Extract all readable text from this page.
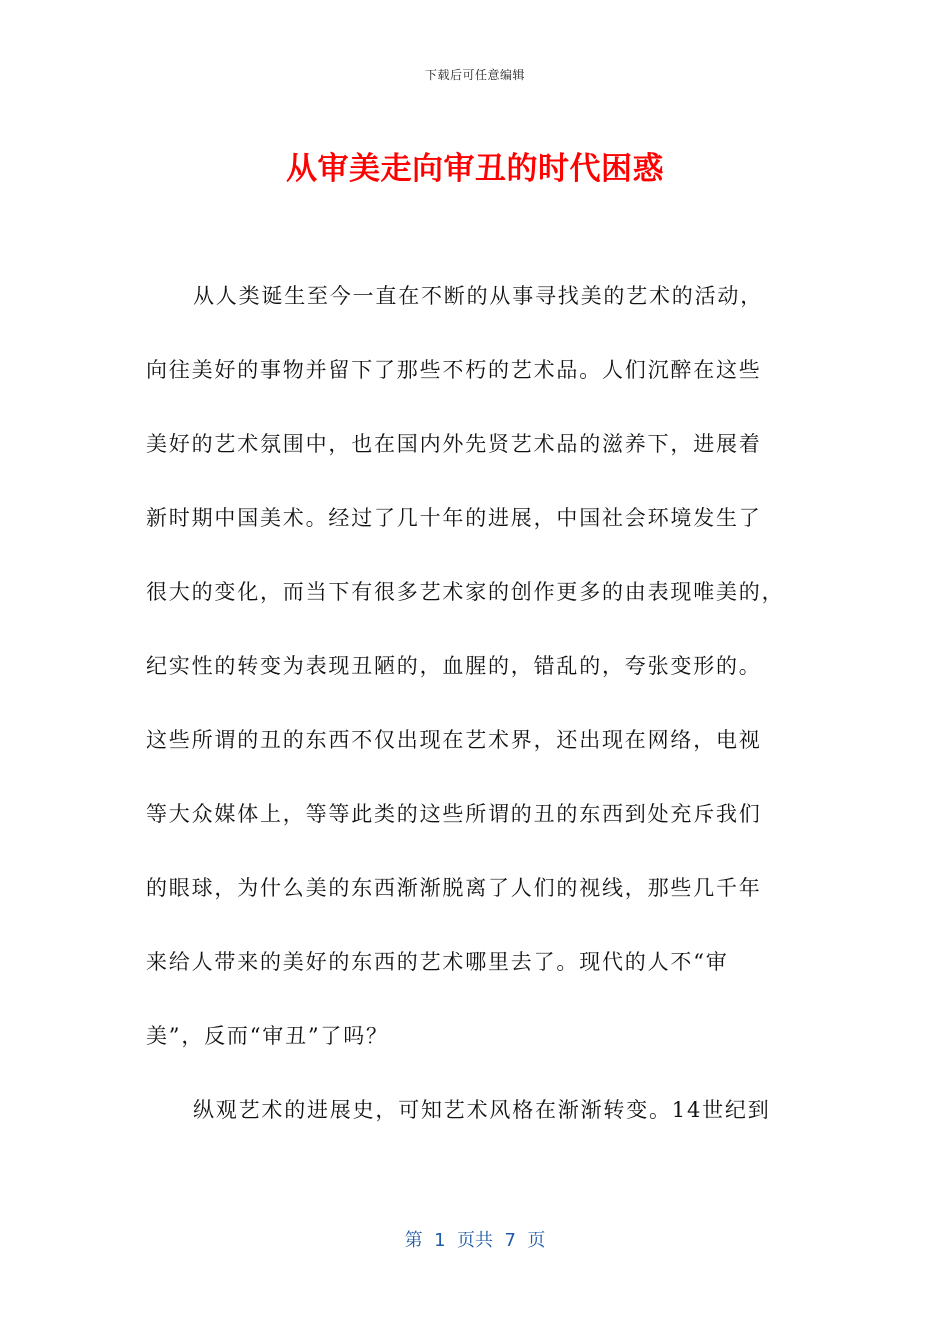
下载后可任意编辑
从审美走向审丑的时代困惑
从人类诞生至今一直在不断的从事寻找美的艺术的活动，
向往美好的事物并留下了那些不朽的艺术品。人们沉醉在这些
美好的艺术氛围中，也在国内外先贤艺术品的滋养下，进展着
新时期中国美术。经过了几十年的进展，中国社会环境发生了
很大的变化，而当下有很多艺术家的创作更多的由表现唯美的，
纪实性的转变为表现丑陋的，血腥的，错乱的，夸张变形的。
这些所谓的丑的东西不仅出现在艺术界，还出现在网络，电视
等大众媒体上，等等此类的这些所谓的丑的东西到处充斥我们
的眼球，为什么美的东西渐渐脱离了人们的视线，那些几千年
来给人带来的美好的东西的艺术哪里去了。现代的人不“审
美”，反而“审丑”了吗？
纵观艺术的进展史，可知艺术风格在渐渐转变。14世纪到
第  1  页共  7  页
